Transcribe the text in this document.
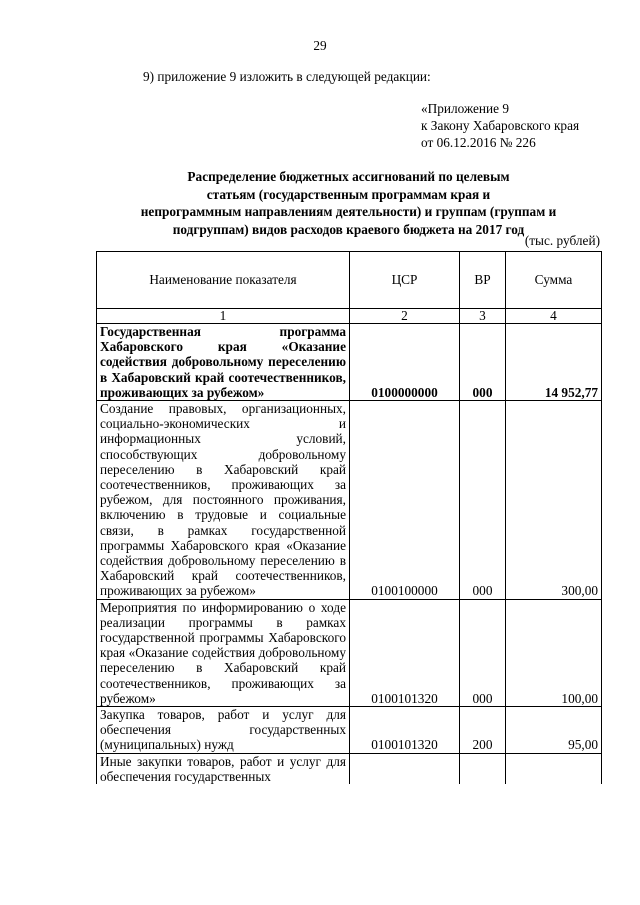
29
9) приложение 9 изложить в следующей редакции:
«Приложение 9
к Закону Хабаровского края
от 06.12.2016 № 226
Распределение бюджетных ассигнований по целевым
статьям (государственным программам края и
непрограммным направлениям деятельности) и группам (группам и
подгруппам) видов расходов краевого бюджета на 2017 год
(тыс. рублей)
Наименование показателя	ЦСР	ВР	Сумма
1	2	3	4
Государственная программа Хабаровского края «Оказание содействия добровольному переселению в Хабаровский край соотечественников, проживающих за рубежом»	0100000000	000	14 952,77
Создание правовых, организационных, социально-экономических и информационных условий, способствующих добровольному переселению в Хабаровский край соотечественников, проживающих за рубежом, для постоянного проживания, включению в трудовые и социальные связи, в рамках государственной программы Хабаровского края «Оказание содействия добровольному переселению в Хабаровский край соотечественников, проживающих за рубежом»	0100100000	000	300,00
Мероприятия по информированию о ходе реализации программы в рамках государственной программы Хабаровского края «Оказание содействия добровольному переселению в Хабаровский край соотечественников, проживающих за рубежом»	0100101320	000	100,00
Закупка товаров, работ и услуг для обеспечения государственных (муниципальных) нужд	0100101320	200	95,00
Иные закупки товаров, работ и услуг для обеспечения государственных			
